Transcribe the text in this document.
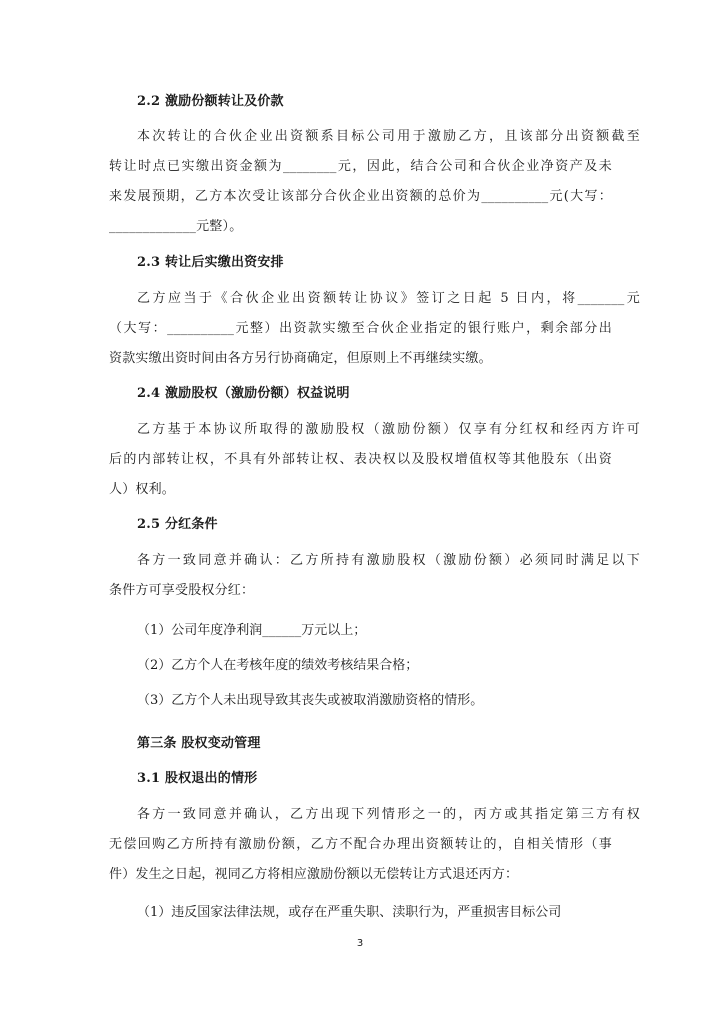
2.2 激励份额转让及价款
本次转让的合伙企业出资额系目标公司用于激励乙方，且该部分出资额截至
转让时点已实缴出资金额为________元，因此，结合公司和合伙企业净资产及未
来发展预期，乙方本次受让该部分合伙企业出资额的总价为__________元(大写：
_____________元整）。
2.3 转让后实缴出资安排
乙方应当于《合伙企业出资额转让协议》签订之日起 5 日内，将_______元
（大写：__________元整）出资款实缴至合伙企业指定的银行账户，剩余部分出
资款实缴出资时间由各方另行协商确定，但原则上不再继续实缴。
2.4 激励股权（激励份额）权益说明
乙方基于本协议所取得的激励股权（激励份额）仅享有分红权和经丙方许可
后的内部转让权，不具有外部转让权、表决权以及股权增值权等其他股东（出资
人）权利。
2.5 分红条件
各方一致同意并确认：乙方所持有激励股权（激励份额）必须同时满足以下
条件方可享受股权分红：
（1）公司年度净利润______万元以上；
（2）乙方个人在考核年度的绩效考核结果合格；
（3）乙方个人未出现导致其丧失或被取消激励资格的情形。
第三条 股权变动管理
3.1 股权退出的情形
各方一致同意并确认，乙方出现下列情形之一的，丙方或其指定第三方有权
无偿回购乙方所持有激励份额，乙方不配合办理出资额转让的，自相关情形（事
件）发生之日起，视同乙方将相应激励份额以无偿转让方式退还丙方：
（1）违反国家法律法规，或存在严重失职、渎职行为，严重损害目标公司
3
